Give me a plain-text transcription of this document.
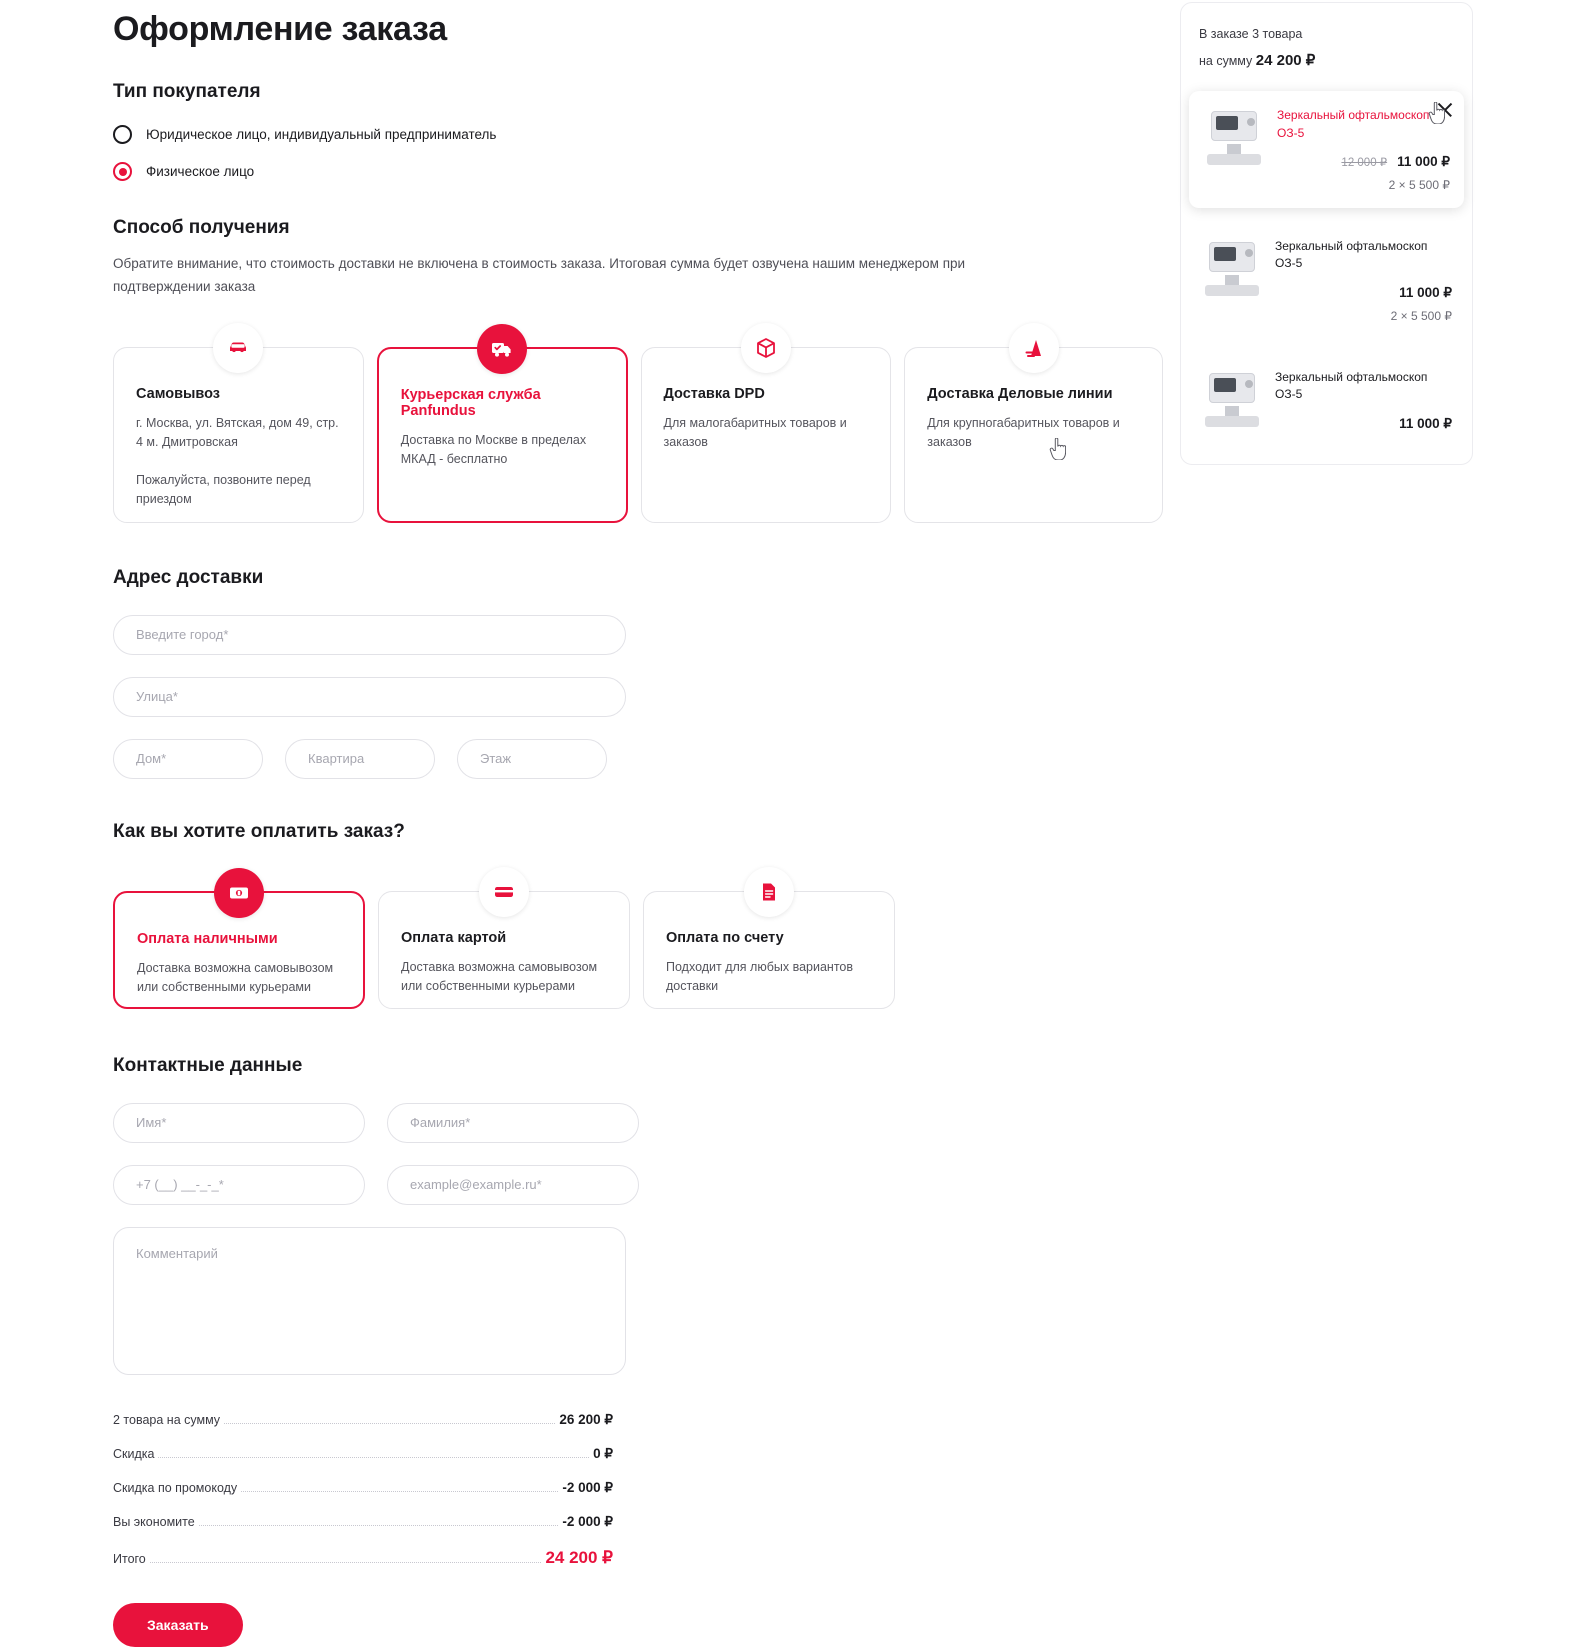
Оформление заказа
Тип покупателя
Юридическое лицо, индивидуальный предприниматель
Физическое лицо
Способ получения

Обратите внимание, что стоимость доставки не включена в стоимость заказа. Итоговая сумма будет озвучена нашим менеджером при подтверждении заказа

Самовывоз
г. Москва, ул. Вятская, дом 49, стр. 4 м. Дмитровская
Пожалуйста, позвоните перед приездом
Курьерская служба Panfundus
Доставка по Москве в пределах МКАД - бесплатно
Доставка DPD
Для малогабаритных товаров и заказов
Доставка Деловые линии
Для крупногабаритных товаров и заказов
Адрес доставки
Введите город*
Улица*
Дом*
Квартира
Этаж
Как вы хотите оплатить заказ?
Оплата наличными
Доставка возможна самовывозом или собственными курьерами
Оплата картой
Доставка возможна самовывозом или собственными курьерами
Оплата по счету
Подходит для любых вариантов доставки
Контактные данные
Имя*
Фамилия*
+7 (__) __-_-_*
example@example.ru*
Комментарий
2 товара на сумму	26 200 ₽
Скидка	0 ₽
Скидка по промокоду	-2 000 ₽
Вы экономите	-2 000 ₽
Итого	24 200 ₽
Заказать
В заказе 3 товара
на сумму 24 200 ₽
Зеркальный офтальмоскоп ОЗ-5
12 000 ₽ 11 000 ₽
2 × 5 500 ₽
Зеркальный офтальмоскоп ОЗ-5
11 000 ₽
2 × 5 500 ₽
Зеркальный офтальмоскоп ОЗ-5
11 000 ₽
